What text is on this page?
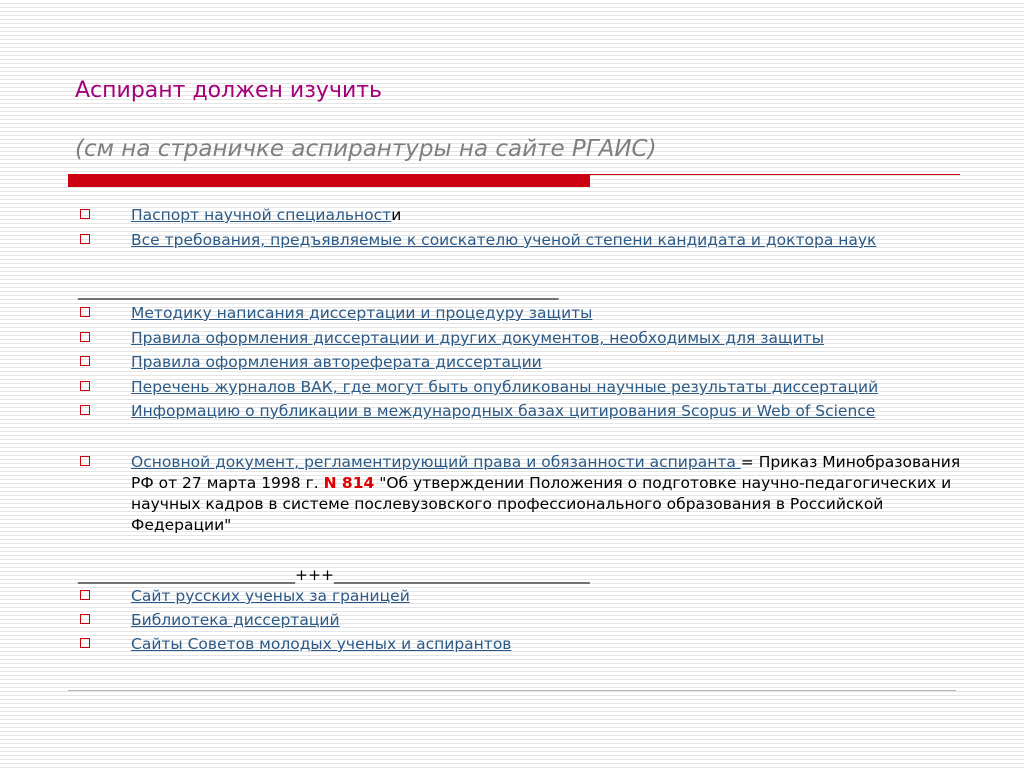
Аспирант должен изучить
(см на страничке аспирантуры на сайте РГАИС)
Паспорт научной специальности
Все требования, предъявляемые к соискателю ученой степени кандидата и доктора наук
______________________________________________________________
Методику написания диссертации и процедуру защиты
Правила оформления диссертации и других документов, необходимых для защиты
Правила оформления автореферата диссертации
Перечень журналов ВАК, где могут быть опубликованы научные результаты диссертаций
Информацию о публикации в международных базах цитирования Scopus и Web of Science
Основной документ, регламентирующий права и обязанности аспиранта = Приказ Минобразования РФ от 27 марта 1998 г. N 814 "Об утверждении Положения о подготовке научно-педагогических и научных кадров в системе послевузовского профессионального образования в Российской Федерации"
____________________________+++_________________________________
Сайт русских ученых за границей
Библиотека диссертаций
Сайты Советов молодых ученых и аспирантов
